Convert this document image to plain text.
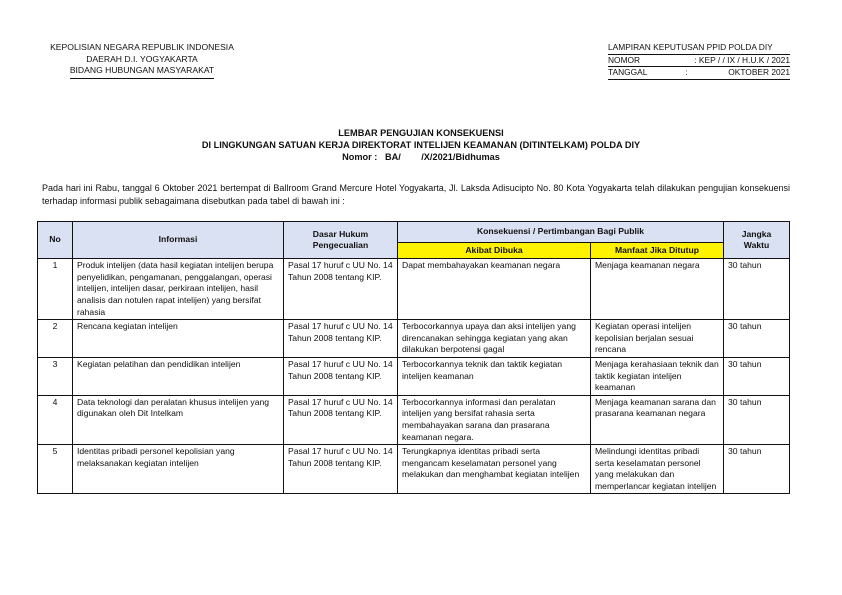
KEPOLISIAN NEGARA REPUBLIK INDONESIA
DAERAH D.I. YOGYAKARTA
BIDANG HUBUNGAN MASYARAKAT
LAMPIRAN KEPUTUSAN PPID POLDA DIY
NOMOR	: KEP / / IX / H.U.K / 2021
TANGGAL	:	OKTOBER 2021
LEMBAR PENGUJIAN KONSEKUENSI
DI LINGKUNGAN SATUAN KERJA DIREKTORAT INTELIJEN KEAMANAN (DITINTELKAM) POLDA DIY
Nomor :   BA/        /X/2021/Bidhumas
Pada hari ini Rabu, tanggal 6 Oktober 2021 bertempat di Ballroom Grand Mercure Hotel Yogyakarta, Jl. Laksda Adisucipto No. 80 Kota Yogyakarta telah dilakukan pengujian konsekuensi terhadap informasi publik sebagaimana disebutkan pada tabel di bawah ini :
No	Informasi	Dasar Hukum Pengecualian	Konsekuensi / Pertimbangan Bagi Publik		Jangka Waktu
			Akibat Dibuka	Manfaat Jika Ditutup	
1	Produk intelijen (data hasil kegiatan intelijen berupa penyelidikan, pengamanan, penggalangan, operasi intelijen, intelijen dasar, perkiraan intelijen, hasil analisis dan notulen rapat intelijen) yang bersifat rahasia	Pasal 17 huruf c UU No. 14 Tahun 2008 tentang KIP.	Dapat membahayakan keamanan negara	Menjaga keamanan negara	30 tahun
2	Rencana kegiatan intelijen	Pasal 17 huruf c UU No. 14 Tahun 2008 tentang KIP.	Terbocorkannya upaya dan aksi intelijen yang direncanakan sehingga kegiatan yang akan dilakukan berpotensi gagal	Kegiatan operasi intelijen kepolisian berjalan sesuai rencana	30 tahun
3	Kegiatan pelatihan dan pendidikan intelijen	Pasal 17 huruf c UU No. 14 Tahun 2008 tentang KIP.	Terbocorkannya teknik dan taktik kegiatan intelijen keamanan	Menjaga kerahasiaan teknik dan taktik kegiatan intelijen keamanan	30 tahun
4	Data teknologi dan peralatan khusus intelijen yang digunakan oleh Dit Intelkam	Pasal 17 huruf c UU No. 14 Tahun 2008 tentang KIP.	Terbocorkannya informasi dan peralatan intelijen yang bersifat rahasia serta membahayakan sarana dan prasarana keamanan negara.	Menjaga keamanan sarana dan prasarana keamanan negara	30 tahun
5	Identitas pribadi personel kepolisian yang melaksanakan kegiatan intelijen	Pasal 17 huruf c UU No. 14 Tahun 2008 tentang KIP.	Terungkapnya identitas pribadi serta mengancam keselamatan personel yang melakukan dan menghambat kegiatan intelijen	Melindungi identitas pribadi serta keselamatan personel yang melakukan dan memperlancar kegiatan intelijen	30 tahun
